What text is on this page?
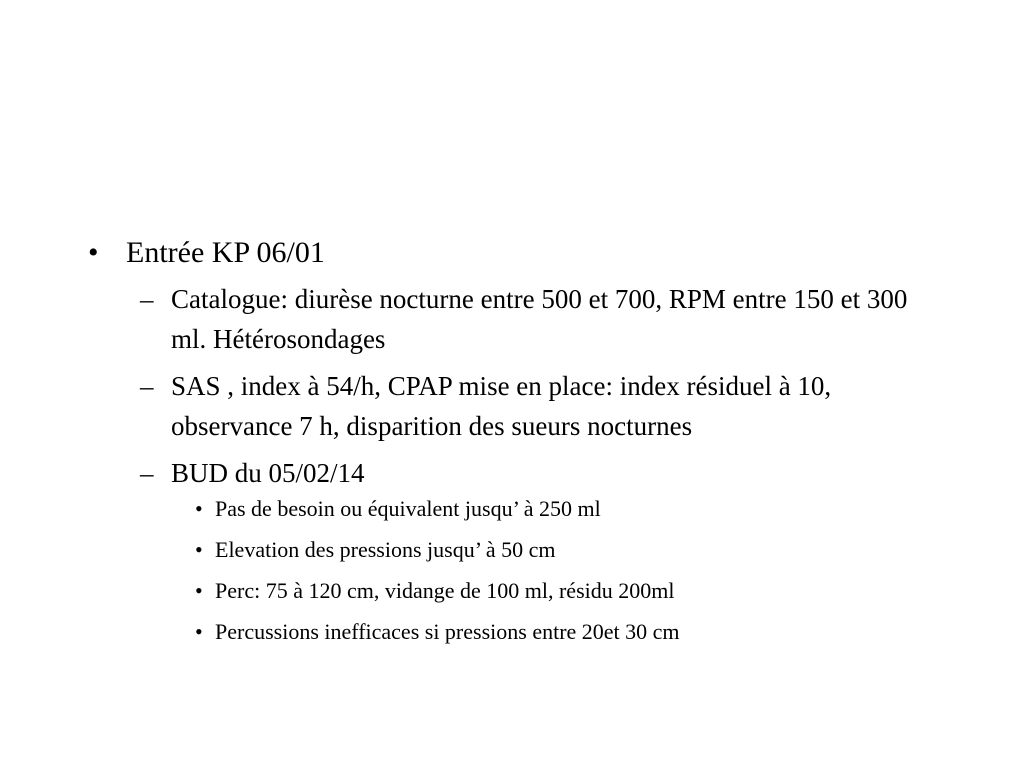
• Entrée KP 06/01
– Catalogue: diurèse nocturne entre 500 et 700, RPM entre 150 et 300 ml. Hétérosondages
– SAS , index à 54/h, CPAP mise en place: index résiduel à 10, observance 7 h, disparition des sueurs nocturnes
– BUD du 05/02/14
• Pas de besoin ou équivalent jusqu’ à 250 ml
• Elevation des pressions jusqu’ à 50 cm
• Perc: 75 à 120 cm, vidange de 100 ml, résidu 200ml
• Percussions inefficaces si pressions entre 20et 30 cm
